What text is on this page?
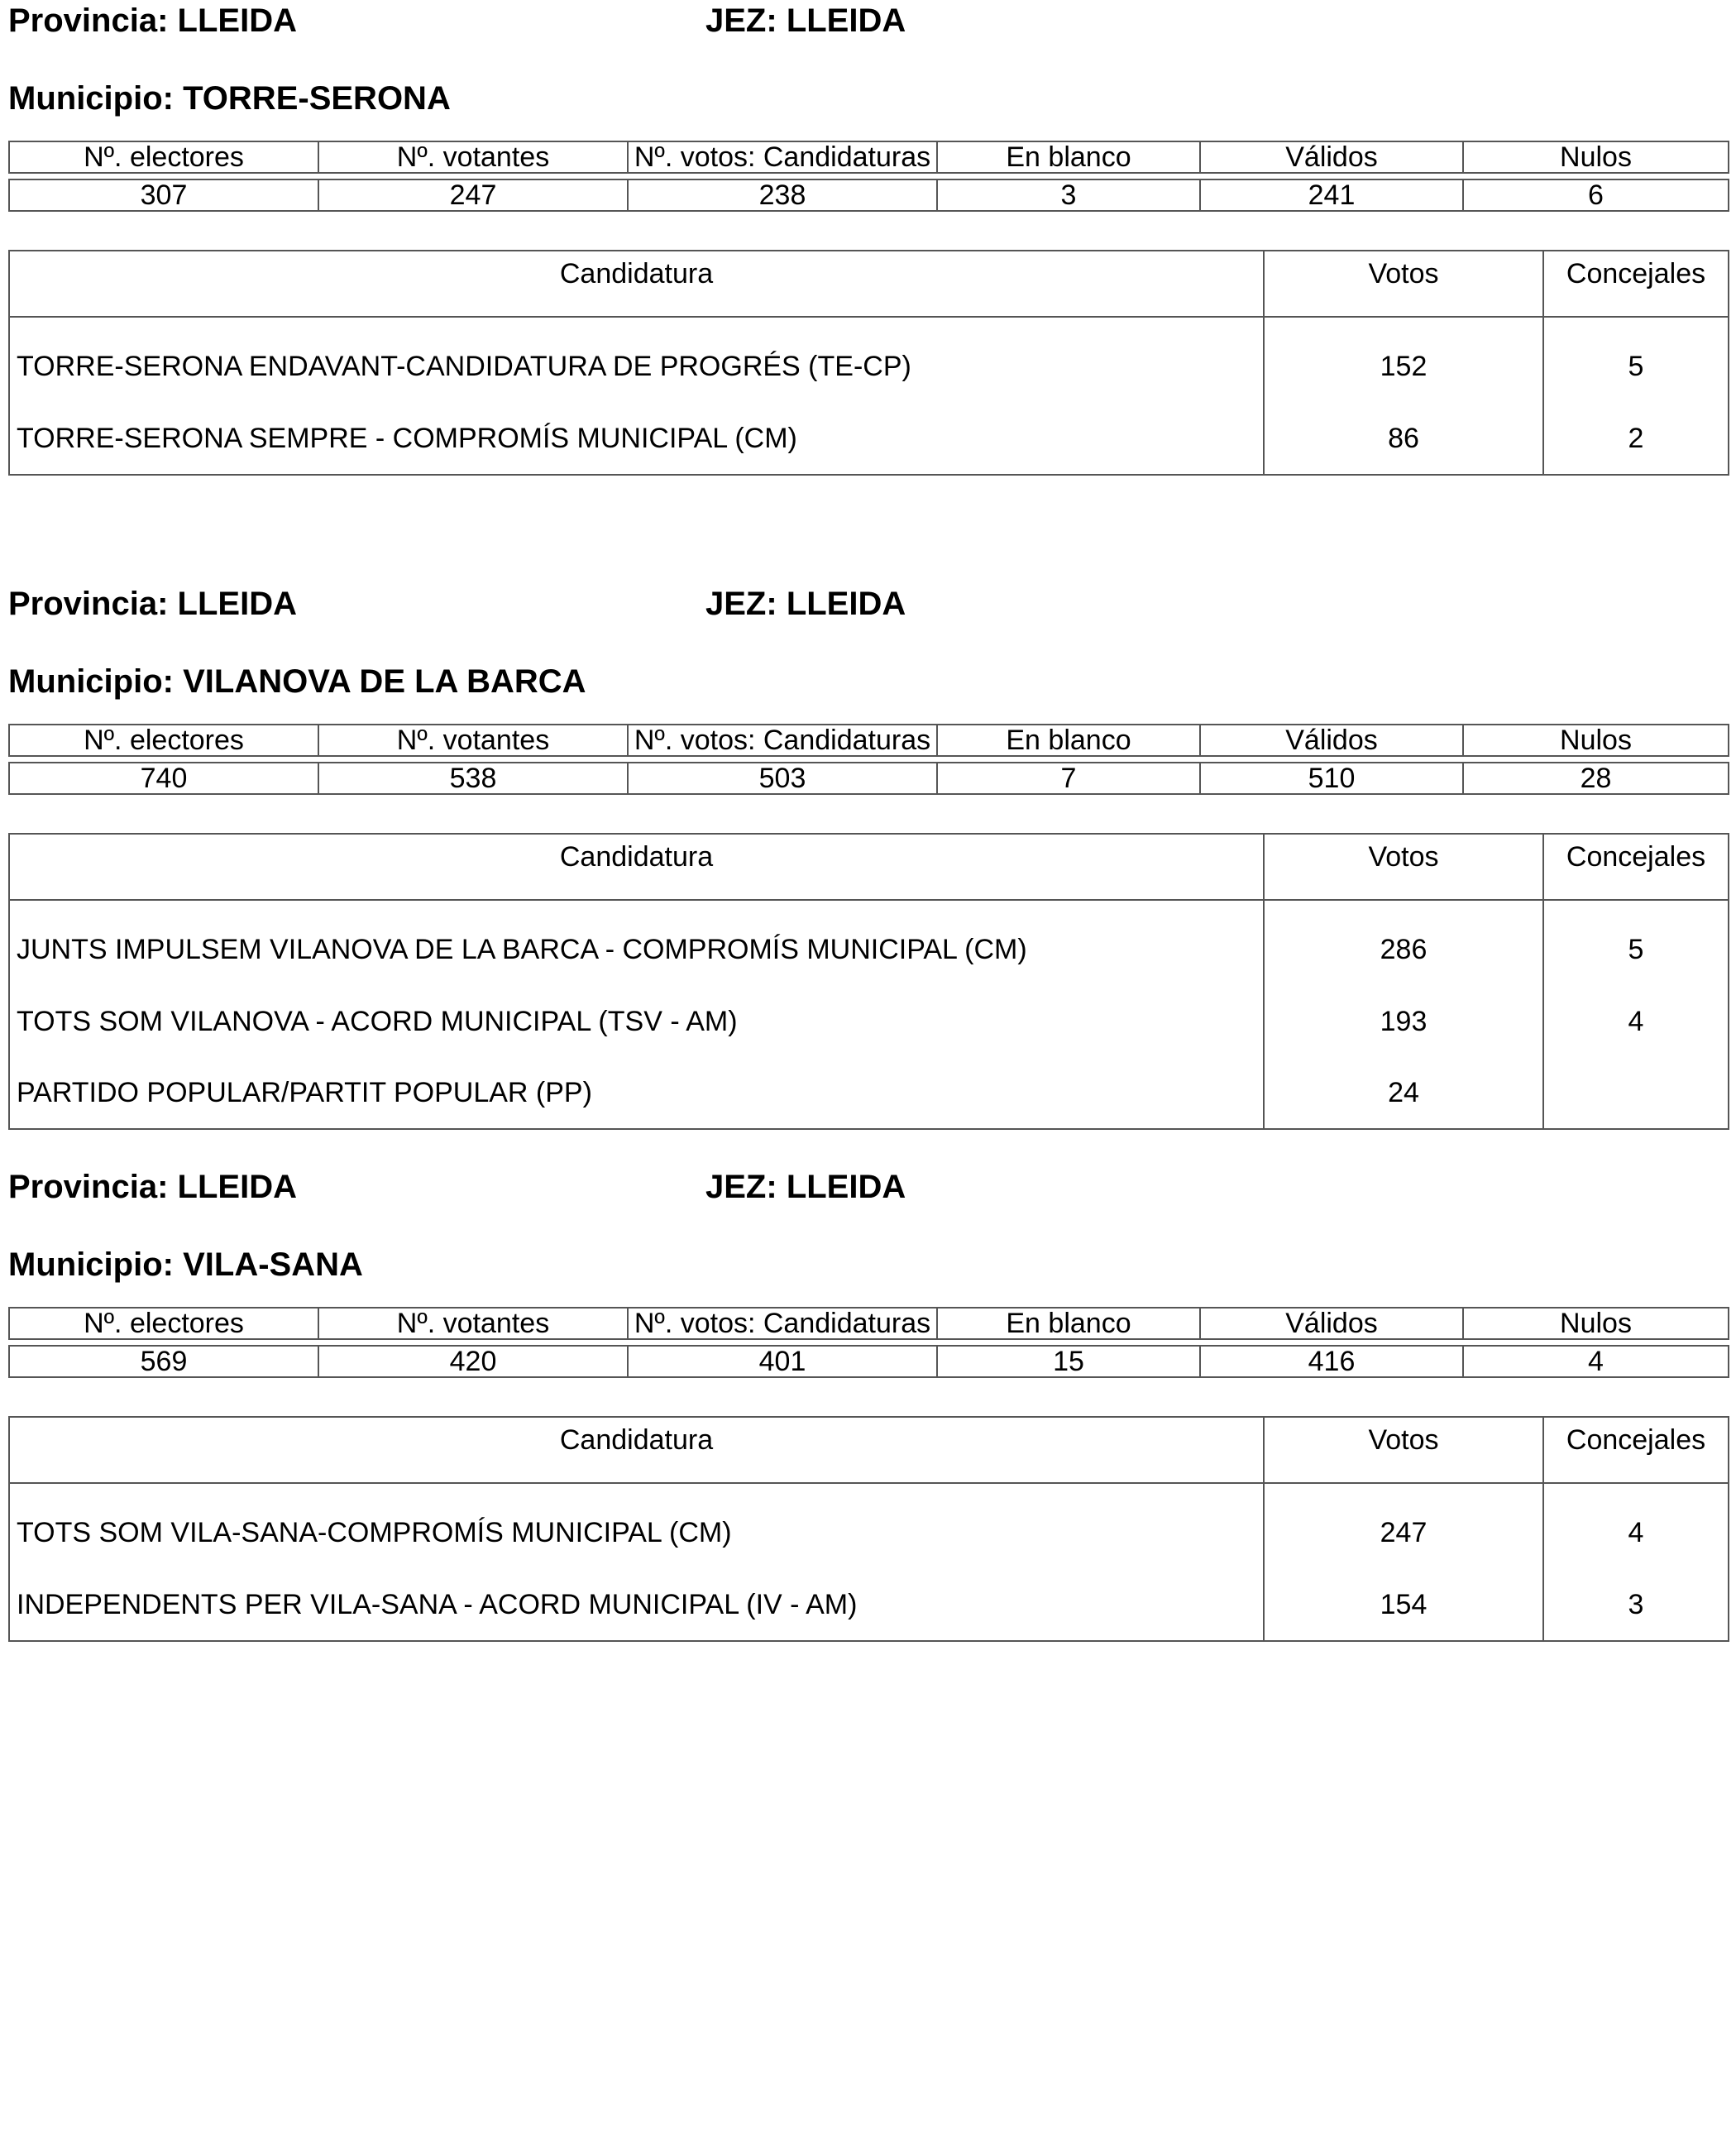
Provincia: LLEIDA	JEZ: LLEIDA
Municipio: TORRE-SERONA
Nº. electores	Nº. votantes	Nº. votos: Candidaturas	En blanco	Válidos	Nulos

307	247	238	3	241	6
Candidatura	Votos	Concejales
TORRE-SERONA ENDAVANT-CANDIDATURA DE PROGRÉS (TE-CP)	152	5
TORRE-SERONA SEMPRE - COMPROMÍS MUNICIPAL (CM)	86	2
Provincia: LLEIDA	JEZ: LLEIDA
Municipio: VILANOVA DE LA BARCA
Nº. electores	Nº. votantes	Nº. votos: Candidaturas	En blanco	Válidos	Nulos

740	538	503	7	510	28
Candidatura	Votos	Concejales
JUNTS IMPULSEM VILANOVA DE LA BARCA - COMPROMÍS MUNICIPAL (CM)	286	5
TOTS SOM VILANOVA - ACORD MUNICIPAL (TSV - AM)	193	4
PARTIDO POPULAR/PARTIT POPULAR (PP)	24	
Provincia: LLEIDA	JEZ: LLEIDA
Municipio: VILA-SANA
Nº. electores	Nº. votantes	Nº. votos: Candidaturas	En blanco	Válidos	Nulos

569	420	401	15	416	4
Candidatura	Votos	Concejales
TOTS SOM VILA-SANA-COMPROMÍS MUNICIPAL (CM)	247	4
INDEPENDENTS PER VILA-SANA - ACORD MUNICIPAL (IV - AM)	154	3
